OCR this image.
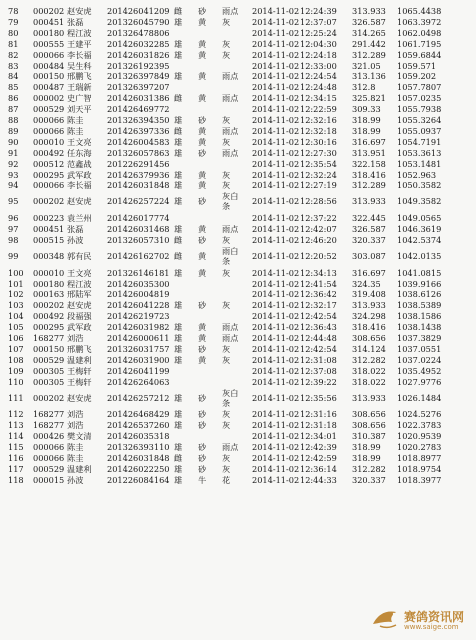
78 000202 赵安虎 201426041209 雌 砂 雨点 2014-11-02 12:24:39 313.933 1065.4438
79 000451 张磊	201326045790 雄 黄 灰	2014-11-02 12:37:07 326.587 1063.3972
80 000180 程江波 201326478806	2014-11-02 12:25:24 314.265 1062.0498
81 000555 王建平 201426032285 雄 黄 灰	2014-11-02 12:04:30 291.442 1061.7195
82 000066 李长福 201426031826 雄 黄 灰	2014-11-02 12:24:18 312.289 1059.6844
83 000484 吴生科 201326192395	2014-11-02 12:33:00 321.05 1059.571
84 000150 邢鹏飞 201326397849 雄 黄 雨点 2014-11-02 12:24:54 313.136 1059.202
85 000487 王瑞新 201326397207	2014-11-02 12:24:48 312.8	1057.7807
86 000002 史广智 201426031386 雌 黄 雨点 2014-11-02 12:34:15 325.821 1057.0235
87 000529 刘天平 201426469772	2014-11-02 12:22:59 309.33 1055.7938
88 000066 陈圭	201326394350 雄 砂 灰	2014-11-02 12:32:16 318.99 1055.3264
89 000066 陈圭	201426397336 雌 黄 雨点 2014-11-02 12:32:18 318.99 1055.0937
90 000010 王文亮 201426004583 雄 黄 灰	2014-11-02 12:30:16 316.697 1054.7191
91 000492 任东海 201326057863 雄 砂 雨点 2014-11-02 12:27:30 313.951 1053.3613
92 000512 范鑫战 201226291456	2014-11-02 12:35:54 322.158 1053.1481
93 000295 武军政 201426379936 雄 黄 灰	2014-11-02 12:32:24 318.416 1052.963
94 000066 李长福 201426031848 雄 黄 灰	2014-11-02 12:27:19 312.289 1050.3582
95 000202 赵安虎 201426257224 雄 砂 灰白条	2014-11-02 12:28:56 313.933 1049.3582
96 000223 袁兰州 201426017774	2014-11-02 12:37:22 322.445 1049.0565
97 000451 张磊	201426031468 雄 黄 雨点 2014-11-02 12:42:07 326.587 1046.3619
98 000515 孙波	201326057310 雌 砂 灰	2014-11-02 12:46:20 320.337 1042.5374
99 000348 郭有民 201426162702 雌 黄 雨白条	2014-11-02 12:20:52 303.087 1042.0135
100 000010 王文亮 201326146181 雄 黄 灰	2014-11-02 12:34:13 316.697 1041.0815
101 000180 程江波 201426035300	2014-11-02 12:41:54 324.35 1039.9166
102 000163 邢陆军 201426004819	2014-11-02 12:36:42 319.408 1038.6126
103 000202 赵安虎 201426041228 雄 砂 灰	2014-11-02 12:32:17 313.933 1038.5389
104 000492 段福强 201426219723	2014-11-02 12:42:54 324.298 1038.1586
105 000295 武军政 201426031982 雄 黄 雨点 2014-11-02 12:36:43 318.416 1038.1438
106 168277 刘浩	201426000611 雄 黄 雨点 2014-11-02 12:44:48 308.656 1037.3829
107 000150 邢鹏飞 201326031757 雄 砂 灰	2014-11-02 12:42:54 314.124 1037.0551
108 000529 温建利 201426031900 雄 黄 灰	2014-11-02 12:31:08 312.282 1037.0224
109 000305 王梅轩 201426041199	2014-11-02 12:37:08 318.022 1035.4952
110 000305 王梅轩 201426264063	2014-11-02 12:39:22 318.022 1027.9776
111 000202 赵安虎 201426257212 雄 砂 灰白条	2014-11-02 12:35:56 313.933 1026.1484
112 168277 刘浩	201426468429 雄 砂 灰	2014-11-02 12:31:16 308.656 1024.5276
113 168277 刘浩	201426537260 雄 砂 灰	2014-11-02 12:31:18 308.656 1022.3783
114 000426 樊文清 201426035318	2014-11-02 12:34:01 310.387 1020.9539
115 000066 陈圭	201326393110 雄 砂 雨点 2014-11-02 12:42:39 318.99 1020.2783
116 000066 陈圭	201426031848 雌 砂 灰	2014-11-02 12:42:59 318.99 1018.8977
117 000529 温建利 201426022250 雄 砂 灰	2014-11-02 12:36:14 312.282 1018.9754
118 000015 孙波	201226084164 雄 牛 花	2014-11-02 12:44:33 320.337 1018.3977
赛鸽资讯网
www.saige.com
